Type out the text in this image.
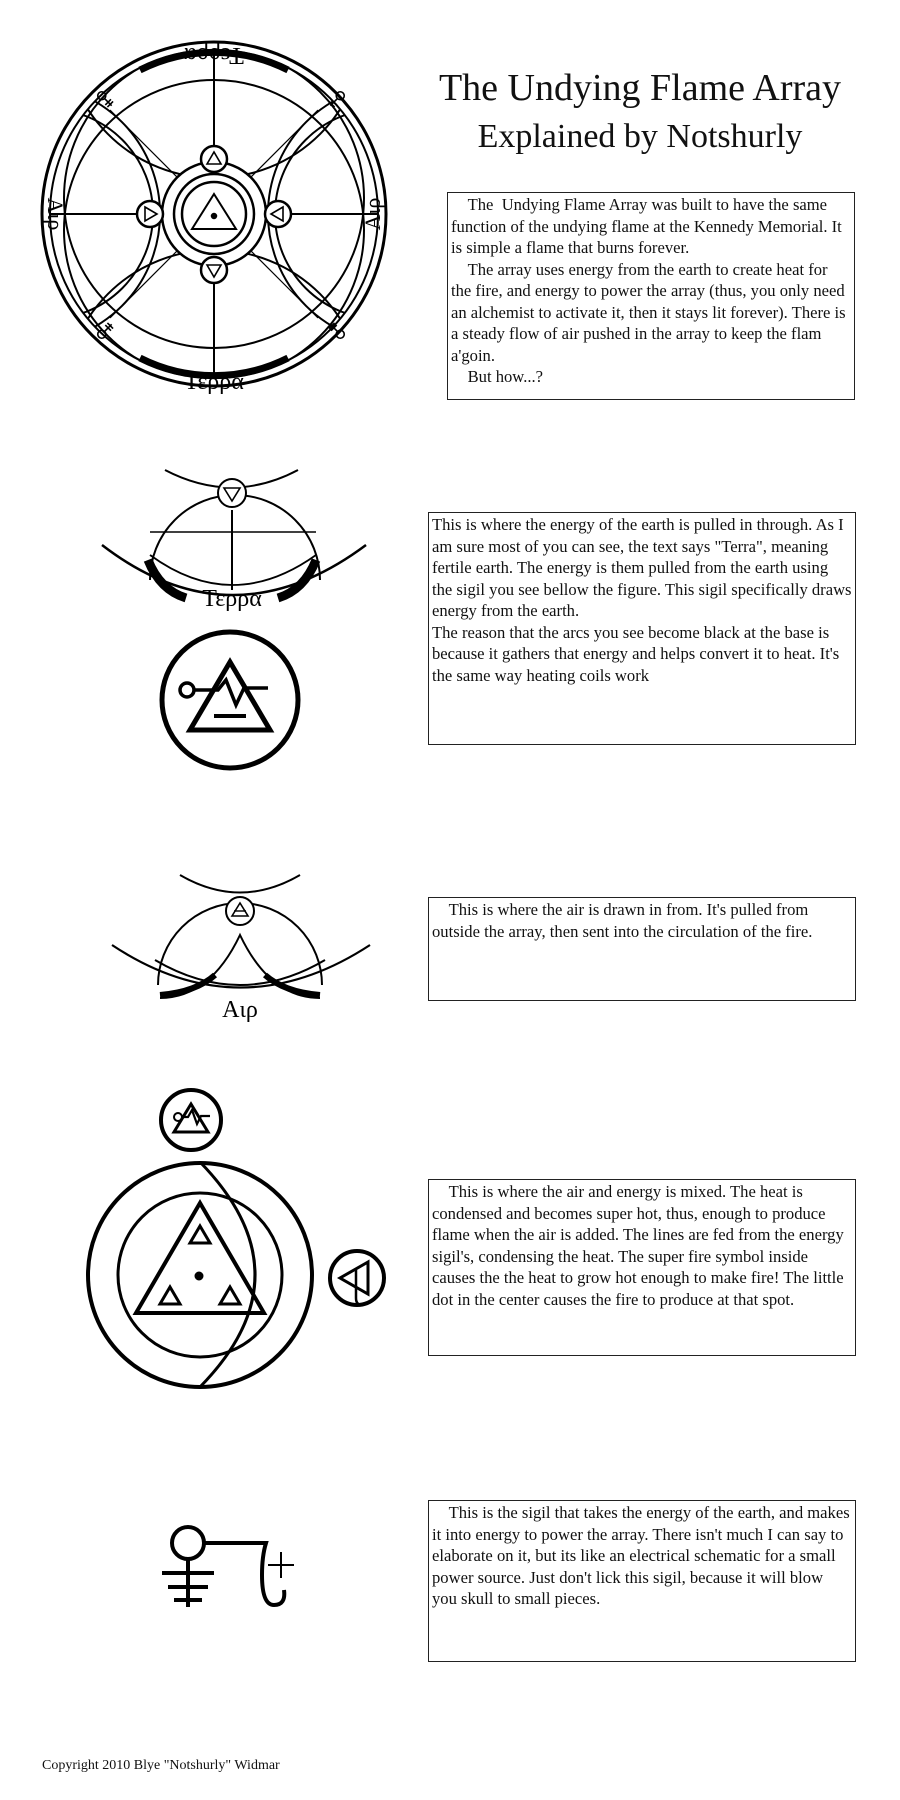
The Undying Flame Array
Explained by Notshurly
The  Undying Flame Array was built to have the same function of the undying flame at the Kennedy Memorial. It is simple a flame that burns forever.
The array uses energy from the earth to create heat for the fire, and energy to power the array (thus, you only need an alchemist to activate it, then it stays lit forever). There is a steady flow of air pushed in the array to keep the flam a'goin.
But how...?
This is where the energy of the earth is pulled in through. As I am sure most of you can see, the text says "Terra", meaning fertile earth. The energy is them pulled from the earth using the sigil you see bellow the figure. This sigil specifically draws energy from the earth.
The reason that the arcs you see become black at the base is because it gathers that energy and helps convert it to heat. It's the same way heating coils work
This is where the air is drawn in from. It's pulled from outside the array, then sent into the circulation of the fire.
This is where the air and energy is mixed. The heat is condensed and becomes super hot, thus, enough to produce flame when the air is added. The lines are fed from the energy sigil's, condensing the heat. The super fire symbol inside causes the the heat to grow hot enough to make fire! The little dot in the center causes the fire to produce at that spot.
This is the sigil that takes the energy of the earth, and makes it into energy to power the array. There isn't much I can say to elaborate on it, but its like an electrical schematic for a small power source. Just don't lick this sigil, because it will blow you skull to small pieces.
Τερρα
Τερρα
Αιρ	Αιρ
Τερρα
Αιρ
Copyright 2010 Blye "Notshurly" Widmar
